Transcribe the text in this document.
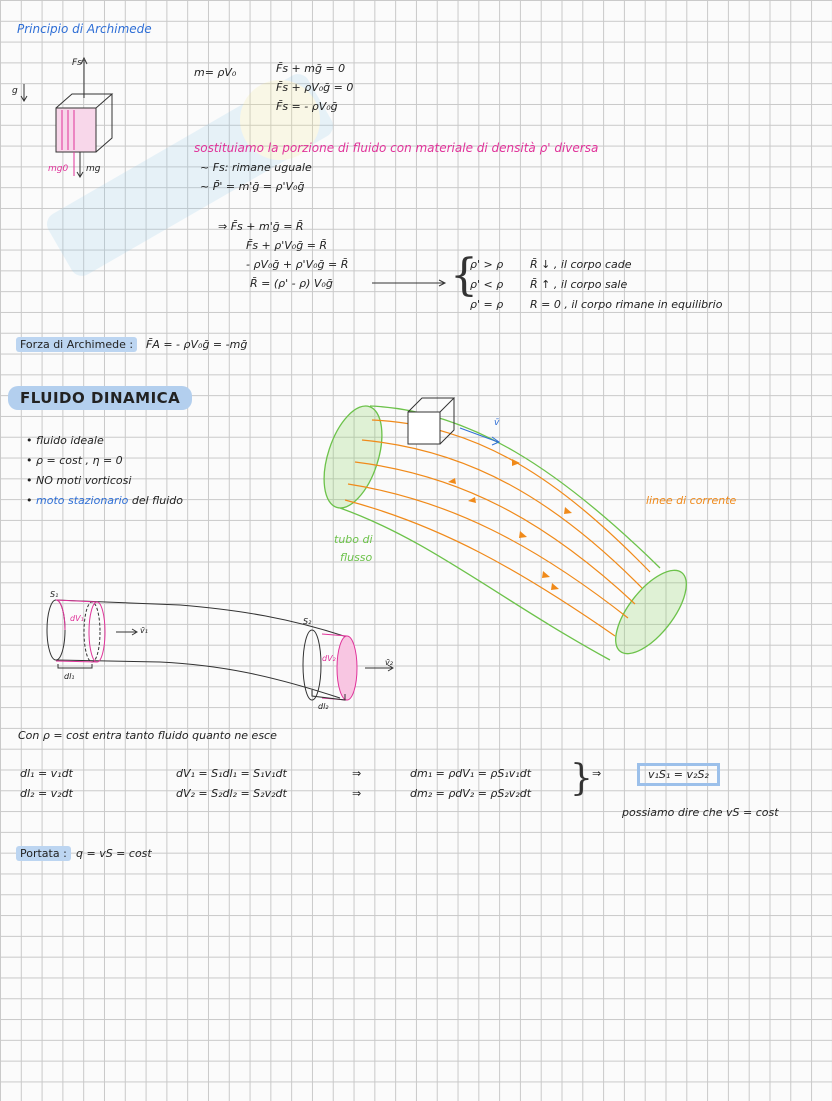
Principio di Archimede
Fs
g
mg0 mg
m= ρV₀	F̄s + mḡ = 0
F̄s + ρV₀ḡ = 0
F̄s = - ρV₀ḡ
sostituiamo la porzione di fluido con materiale di densità ρ' diversa
~ Fs: rimane uguale
~ P̄' = m'ḡ = ρ'V₀ḡ
⇒ F̄s + m'ḡ = R̄
F̄s + ρ'V₀ḡ = R̄
- ρV₀ḡ + ρ'V₀ḡ = R̄
R̄ = (ρ' - ρ) V₀ḡ	{
ρ' > ρ R̄ ↓ , il corpo cade
ρ' < ρ R̄ ↑ , il corpo sale
ρ' = ρ R = 0 , il corpo rimane in equilibrio
Forza di Archimede :	F̄A = - ρV₀ḡ = -mḡ
FLUIDO DINAMICA
• fluido ideale
• ρ = cost , η = 0
• NO moti vorticosi
• moto stazionario del fluido
v̄
linee di corrente
tubo di
flusso
S₁
S₂
dV₁
dV₂
dl₁
dl₂
v̄₁
v̄₂
Con ρ = cost entra tanto fluido quanto ne esce
dl₁ = v₁dt	dV₁ = S₁dl₁ = S₁v₁dt	⇒	dm₁ = ρdV₁ = ρS₁v₁dt
dl₂ = v₂dt	dV₂ = S₂dl₂ = S₂v₂dt	⇒	dm₂ = ρdV₂ = ρS₂v₂dt } ⇒	v₁S₁ = v₂S₂
possiamo dire che vS = cost
Portata : q = vS = cost
